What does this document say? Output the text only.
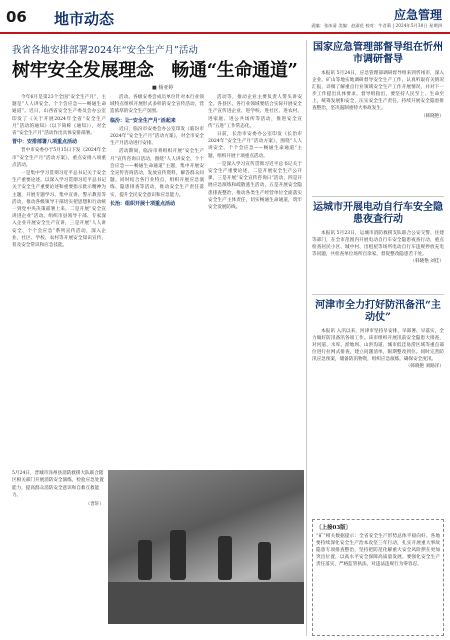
06 地市动态	应急管理
责编：张冰清 美编：赵淑花 校对：牛君莉 | 2024年5月30日 星期四
我省各地安排部署2024年“安全生产月”活动
树牢安全发展理念　畅通“生命通道”
■ 杨亚婷

今年6月是第23个全国“安全生产月”，主题是“人人讲安全、个个会应急——畅通生命通道”。近日，山西省安全生产委员会办公室印发了《关于开展2024年全省“安全生产月”活动的通知》（以下简称《通知》），对全省“安全生产月”活动作出具体安排部署。

晋中：安排部署八项重点活动

晋中市安委办于5月15日下发《2024年全市“安全生产月”活动方案》，重点安排八项重点活动。

一是集中学习贯彻习近平总书记关于安全生产重要论述。以深入学习贯彻习近平总书记关于安全生产重要论述和重要指示批示精神为主题，开展专题学习、集中宣讲、警示教育等活动，推动各级领导干部切实把思想和行动统一到党中央决策部署上来。二是开展“安全宣讲进企业”活动。组织市县领导干部、专家深入企业开展安全生产宣讲，三是开展“人人讲安全、个个会应急”系列宣传活动，深入企业、社区、学校、农村等开展安全知识宣传，普及安全常识和应急技能。

活动。各级安委会成员单位针对本行业领域特点组织开展形式多样的安全宣传活动，营造浓厚的安全生产氛围。

临汾：让“安全生产月”活起来

近日，临汾市安委会办公室印发《临汾市2024年“安全生产月”活动方案》，对全市安全生产月活动进行安排。

活动期间，临汾市将组织开展“安全生产月”宣传咨询日活动，围绕“人人讲安全、个个会应急——畅通生命通道”主题，集中开展安全宣传咨询活动，发放宣传资料，解答群众问题。同时结合各行业特点，组织开展应急演练、隐患排查等活动，推动安全生产责任落实，提升全民安全意识和应急能力。

长治：组织开展十项重点活动

活动等，推动企业主要负责人带头讲安全。各县区、各行业领域要结合实际开展安全生产宣传进企业、进学校、进社区、进农村、进家庭、进公共场所等活动，推进安全宣传“五进”工作常态化。

日前，长治市安委办公室印发《长治市2024年“安全生产月”活动方案》，围绕“人人讲安全、个个会应急——畅通生命通道”主题，组织开展十项重点活动。

一是深入学习宣传贯彻习近平总书记关于安全生产重要论述，二是开展安全生产公开课，三是开展“安全宣传咨询日”活动，四是开展应急演练和疏散逃生活动，五是开展安全隐患排查整治，推动各类生产经营单位全面落实安全生产主体责任，切实畅通生命通道，筑牢安全发展防线。

5月24日，晋城市泽州县消防救援大队联合辖区相关部门开展消防安全演练，检验应急处置能力，提高群众消防安全意识和自救互救能力。

（晋轩）

国家应急管理部督导组在忻州市调研督导

本报讯 5月24日，应急管理部调研督导组来到忻州市，深入企业、矿山等地实地调研督导安全生产工作，认真听取有关情况汇报，详细了解重点行业领域安全生产工作开展情况，并对下一步工作提出具体要求。督导组指出，要坚持人民至上、生命至上，统筹发展和安全，压实安全生产责任，持续开展安全隐患排查整治，坚决遏制重特大事故发生。

（韩晓艳）

运城市开展电动自行车安全隐患夜查行动

本报讯 5月23日，运城市消防救援支队联合公安交警、住建等部门，在全市范围内开展电动自行车安全隐患夜查行动，重点检查居民小区、城中村、出租屋等场所电动自行车违规停放充电等问题，共检查单位场所百余家，督促整改隐患若干处。

（韩晓艳 刘佳）

河津市全力打好防汛备汛“主动仗”

本报讯 入汛以来，河津市坚持早安排、早部署、早落实，全力做好防汛备汛各项工作。该市组织开展汛前安全隐患大排查，对河道、水库、淤地坝、山洪沟道、城市低洼易涝区域等重点部位进行拉网式排查，建立问题清单，限期整改到位。同时完善防汛应急预案，储备防汛物资，组织应急演练，确保安全度汛。

（韩晓艳 刘路洋）

〔上接03版〕
“矿”相关数据提示：全省安全生产形势总体平稳向好。各地要持续深化安全生产治本攻坚三年行动，扎实开展重大事故隐患专项排查整治，坚持把防范化解重大安全风险摆在更加突出位置，以高水平安全保障高质量发展。要强化安全生产责任落实，严格监管执法，对违法违规行为零容忍。
